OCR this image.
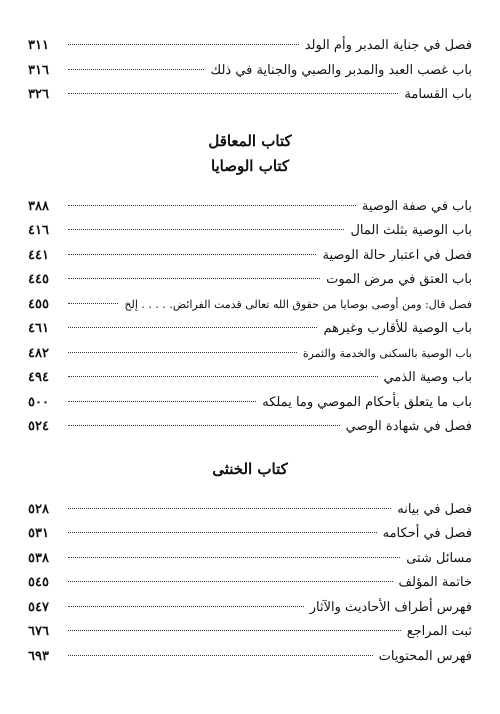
فصل في جناية المدبر وأم الولد
٣١١
باب غصب العبد والمدبر والصبي والجناية في ذلك
٣١٦
باب القسامة
٣٢٦
كتاب المعاقل
كتاب الوصايا
باب في صفة الوصية
٣٨٨
باب الوصية بثلث المال
٤١٦
فصل في اعتبار حالة الوصية
٤٤١
باب العتق في مرض الموت
٤٤٥
فصل قال: ومن أوصى بوصايا من حقوق الله تعالى قدمت الفرائض. . . . . إلخ
٤٥٥
باب الوصية للأقارب وغيرهم
٤٦١
باب الوصية بالسكنى والخدمة والثمرة
٤٨٢
باب وصية الذمي
٤٩٤
باب ما يتعلق بأحكام الموصي وما يملكه
٥٠٠
فصل في شهادة الوصي
٥٢٤
كتاب الخنثى
فصل في بيانه
٥٢٨
فصل في أحكامه
٥٣١
مسائل شتى
٥٣٨
خاتمة المؤلف
٥٤٥
فهرس أطراف الأحاديث والآثار
٥٤٧
ثبت المراجع
٦٧٦
فهرس المحتويات
٦٩٣
